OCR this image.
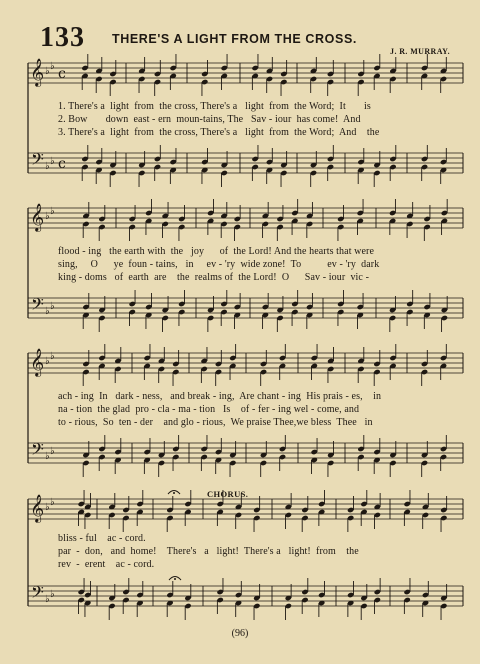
133 THERE'S A LIGHT FROM THE CROSS.
J. R. MURRAY.
𝄞
𝄢
♭ ♭
♭ ♭
c
c
𝄞
𝄢
♭ ♭
♭ ♭
𝄞
𝄢
♭ ♭
♭ ♭
𝄞
𝄢
♭ ♭
♭ ♭
1. There's a  light  from  the cross, There's a   light  from  the Word;  It       is
2. Bow       down  east - ern  moun-tains, The   Sav - iour  has come!  And
3. There's a  light  from  the cross, There's a   light  from  the Word;  And    the
flood - ing   the earth with  the   joy      of  the Lord! And the hearts that were
sing,     O      ye  foun - tains,   in     ev - 'ry  wide zone!  To          ev - 'ry  dark
king - doms   of  earth  are    the  realms of  the Lord!  O      Sav - iour  vic -
ach - ing  In   dark - ness,   and break - ing,  Are chant - ing  His prais - es,    in
na - tion  the glad  pro - cla - ma - tion   Is    of - fer - ing wel - come, and
to - rious,  So  ten - der    and glo - rious,  We praise Thee,we bless  Thee   in
CHORUS.
bliss - ful    ac - cord.
par  -  don,   and  home!    There's   a   light!  There's a   light!  from    the
rev  -  erent    ac - cord.
(96)
